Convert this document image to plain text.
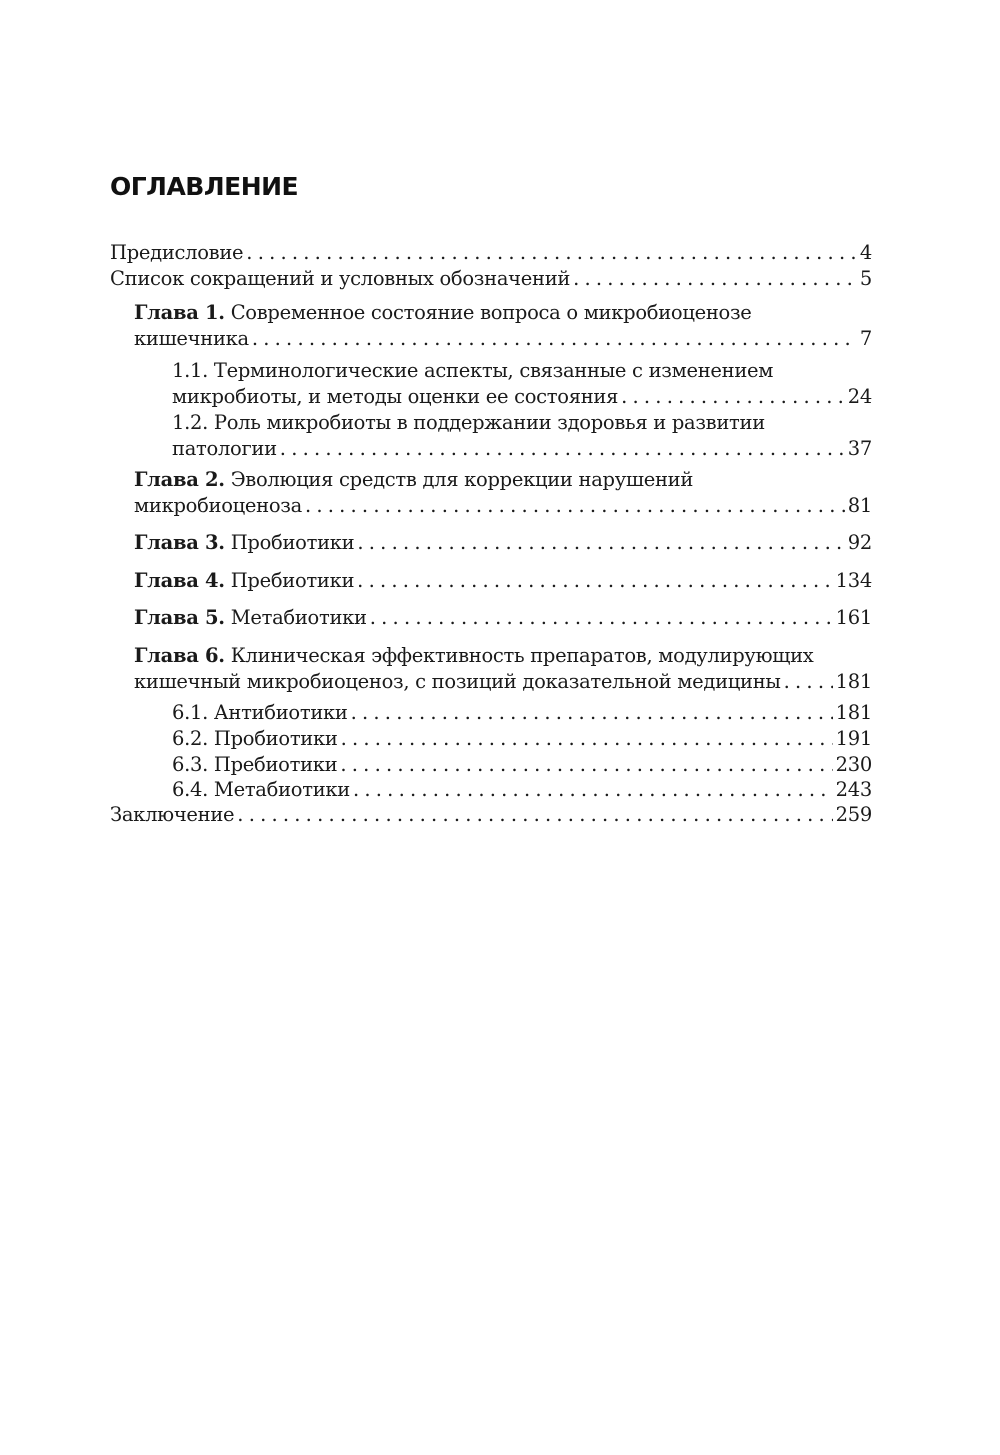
ОГЛАВЛЕНИЕ
Предисловие . . .	4
Список сокращений и условных обозначений . . .	5
Глава 1. Современное состояние вопроса о микробиоценозе
кишечника . . .	7
1.1. Терминологические аспекты, связанные с изменением
микробиоты, и методы оценки ее состояния . . .	24
1.2. Роль микробиоты в поддержании здоровья и развитии
патологии . . .	37
Глава 2. Эволюция средств для коррекции нарушений
микробиоценоза . . .	81
Глава 3. Пробиотики . . .	92
Глава 4. Пребиотики . . .	134
Глава 5. Метабиотики . . .	161
Глава 6. Клиническая эффективность препаратов, модулирующих
кишечный микробиоценоз, с позиций доказательной медицины . . .	181
6.1. Антибиотики . . .	181
6.2. Пробиотики . . .	191
6.3. Пребиотики . . .	230
6.4. Метабиотики . . .	243
Заключение . . .	259
